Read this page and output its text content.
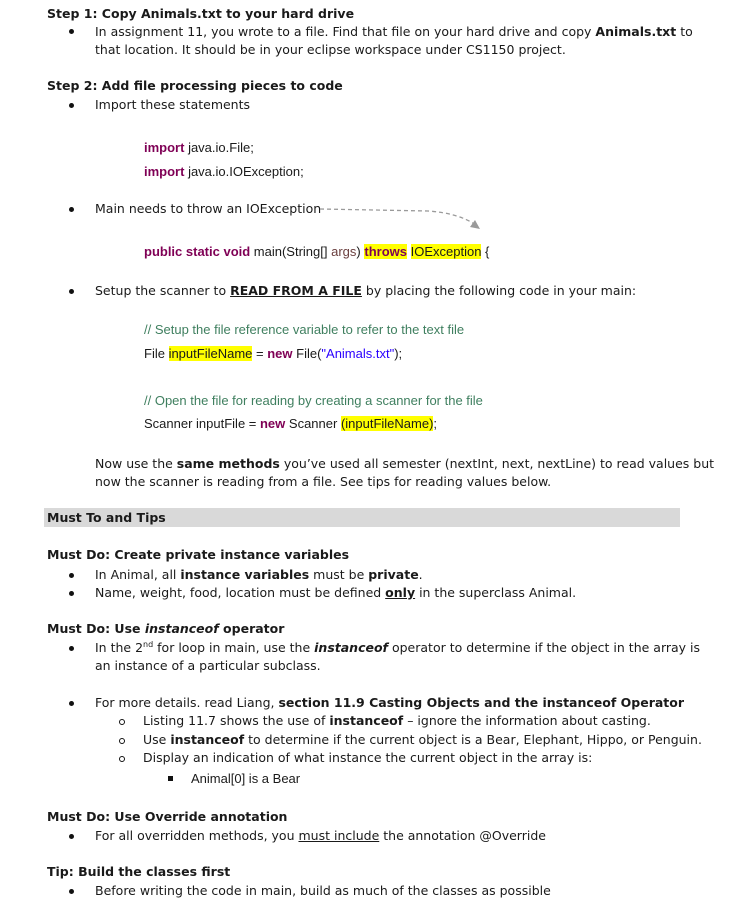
Step 1: Copy Animals.txt to your hard drive
In assignment 11, you wrote to a file. Find that file on your hard drive and copy Animals.txt to
that location. It should be in your eclipse workspace under CS1150 project.
Step 2: Add file processing pieces to code
Import these statements
import java.io.File;
import java.io.IOException;
Main needs to throw an IOException
public static void main(String[] args) throws IOException {
Setup the scanner to READ FROM A FILE by placing the following code in your main:
// Setup the file reference variable to refer to the text file
File inputFileName = new File("Animals.txt");
// Open the file for reading by creating a scanner for the file
Scanner inputFile = new Scanner (inputFileName);
Now use the same methods you’ve used all semester (nextInt, next, nextLine) to read values but
now the scanner is reading from a file. See tips for reading values below.
Must To and Tips
Must Do: Create private instance variables
In Animal, all instance variables must be private.
Name, weight, food, location must be defined only in the superclass Animal.
Must Do: Use instanceof operator
In the 2nd for loop in main, use the instanceof operator to determine if the object in the array is
an instance of a particular subclass.
For more details. read Liang, section 11.9 Casting Objects and the instanceof Operator
Listing 11.7 shows the use of instanceof – ignore the information about casting.
Use instanceof to determine if the current object is a Bear, Elephant, Hippo, or Penguin.
Display an indication of what instance the current object in the array is:
Animal[0] is a Bear
Must Do: Use Override annotation
For all overridden methods, you must include the annotation @Override
Tip: Build the classes first
Before writing the code in main, build as much of the classes as possible
